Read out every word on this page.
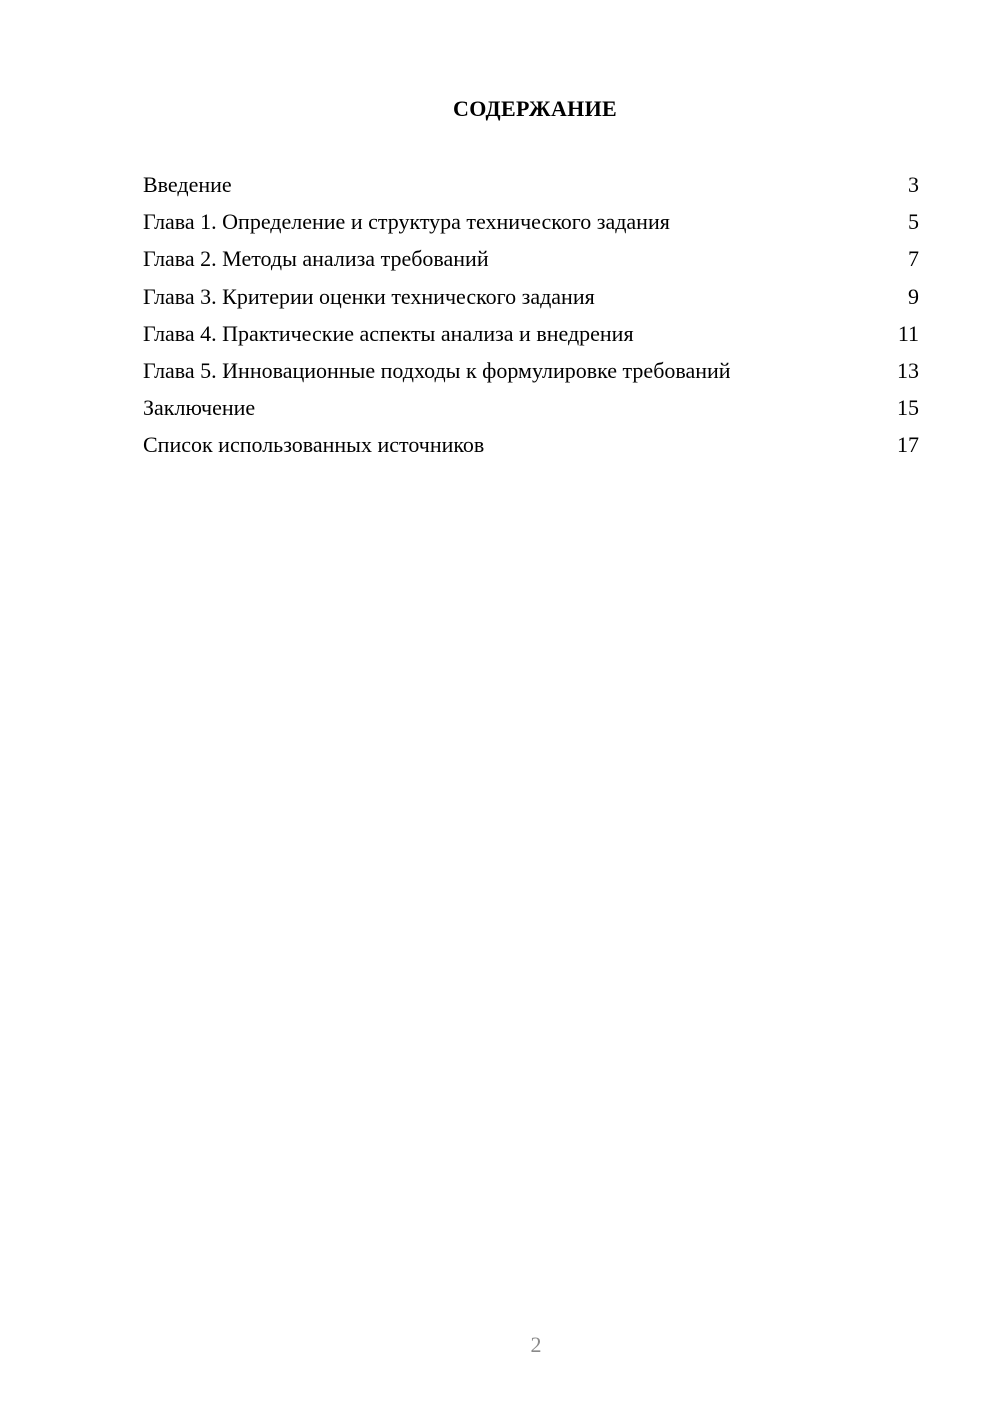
СОДЕРЖАНИЕ
Введение	3
Глава 1. Определение и структура технического задания	5
Глава 2. Методы анализа требований	7
Глава 3. Критерии оценки технического задания	9
Глава 4. Практические аспекты анализа и внедрения	11
Глава 5. Инновационные подходы к формулировке требований	13
Заключение	15
Список использованных источников	17
2
